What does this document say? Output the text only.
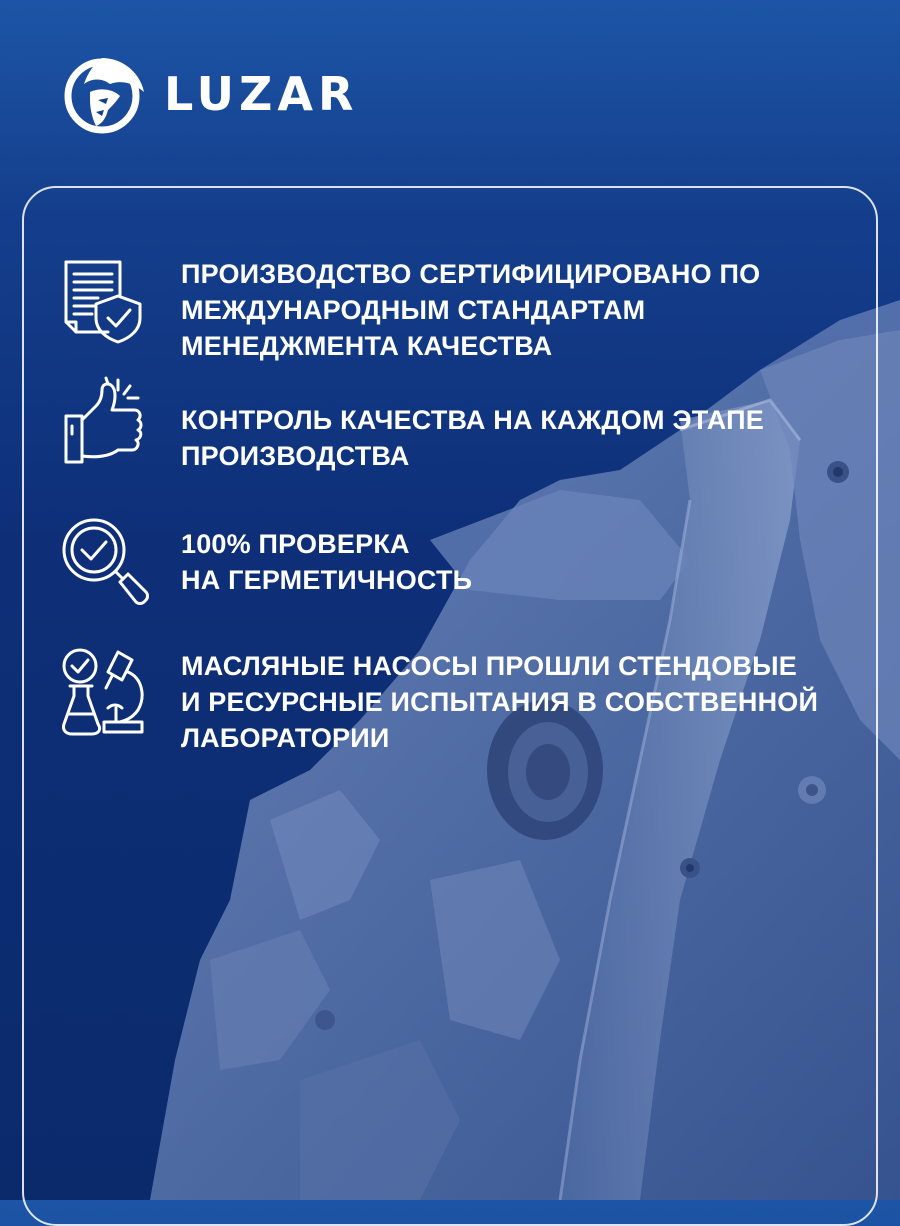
LUZAR
ПРОИЗВОДСТВО СЕРТИФИЦИРОВАНО ПО
МЕЖДУНАРОДНЫМ СТАНДАРТАМ
МЕНЕДЖМЕНТА КАЧЕСТВА
КОНТРОЛЬ КАЧЕСТВА НА КАЖДОМ ЭТАПЕ
ПРОИЗВОДСТВА
100% ПРОВЕРКА
НА ГЕРМЕТИЧНОСТЬ
МАСЛЯНЫЕ НАСОСЫ ПРОШЛИ СТЕНДОВЫЕ
И РЕСУРСНЫЕ ИСПЫТАНИЯ В СОБСТВЕННОЙ
ЛАБОРАТОРИИ
